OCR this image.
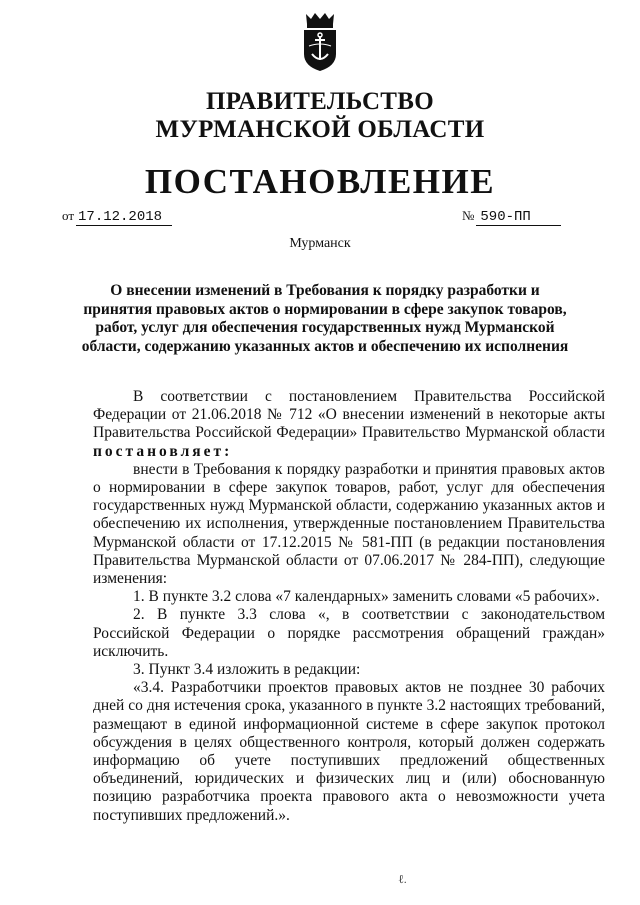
ПРАВИТЕЛЬСТВО
МУРМАНСКОЙ ОБЛАСТИ
ПОСТАНОВЛЕНИЕ
от 17.12.2018	№ 590-ПП
Мурманск
О внесении изменений в Требования к порядку разработки и принятия правовых актов о нормировании в сфере закупок товаров, работ, услуг для обеспечения государственных нужд Мурманской области, содержанию указанных актов и обеспечению их исполнения

В соответствии с постановлением Правительства Российской Федерации от 21.06.2018 № 712 «О внесении изменений в некоторые акты Правительства Российской Федерации» Правительство Мурманской области постановляет:

внести в Требования к порядку разработки и принятия правовых актов о нормировании в сфере закупок товаров, работ, услуг для обеспечения государственных нужд Мурманской области, содержанию указанных актов и обеспечению их исполнения, утвержденные постановлением Правительства Мурманской области от 17.12.2015 № 581-ПП (в редакции постановления Правительства Мурманской области от 07.06.2017 № 284-ПП), следующие изменения:

1. В пункте 3.2 слова «7 календарных» заменить словами «5 рабочих».

2. В пункте 3.3 слова «, в соответствии с законодательством Российской Федерации о порядке рассмотрения обращений граждан» исключить.

3. Пункт 3.4 изложить в редакции:

«3.4. Разработчики проектов правовых актов не позднее 30 рабочих дней со дня истечения срока, указанного в пункте 3.2 настоящих требований, размещают в единой информационной системе в сфере закупок протокол обсуждения в целях общественного контроля, который должен содержать информацию об учете поступивших предложений общественных объединений, юридических и физических лиц и (или) обоснованную позицию разработчика проекта правового акта о невозможности учета поступивших предложений.».

ℓ.
